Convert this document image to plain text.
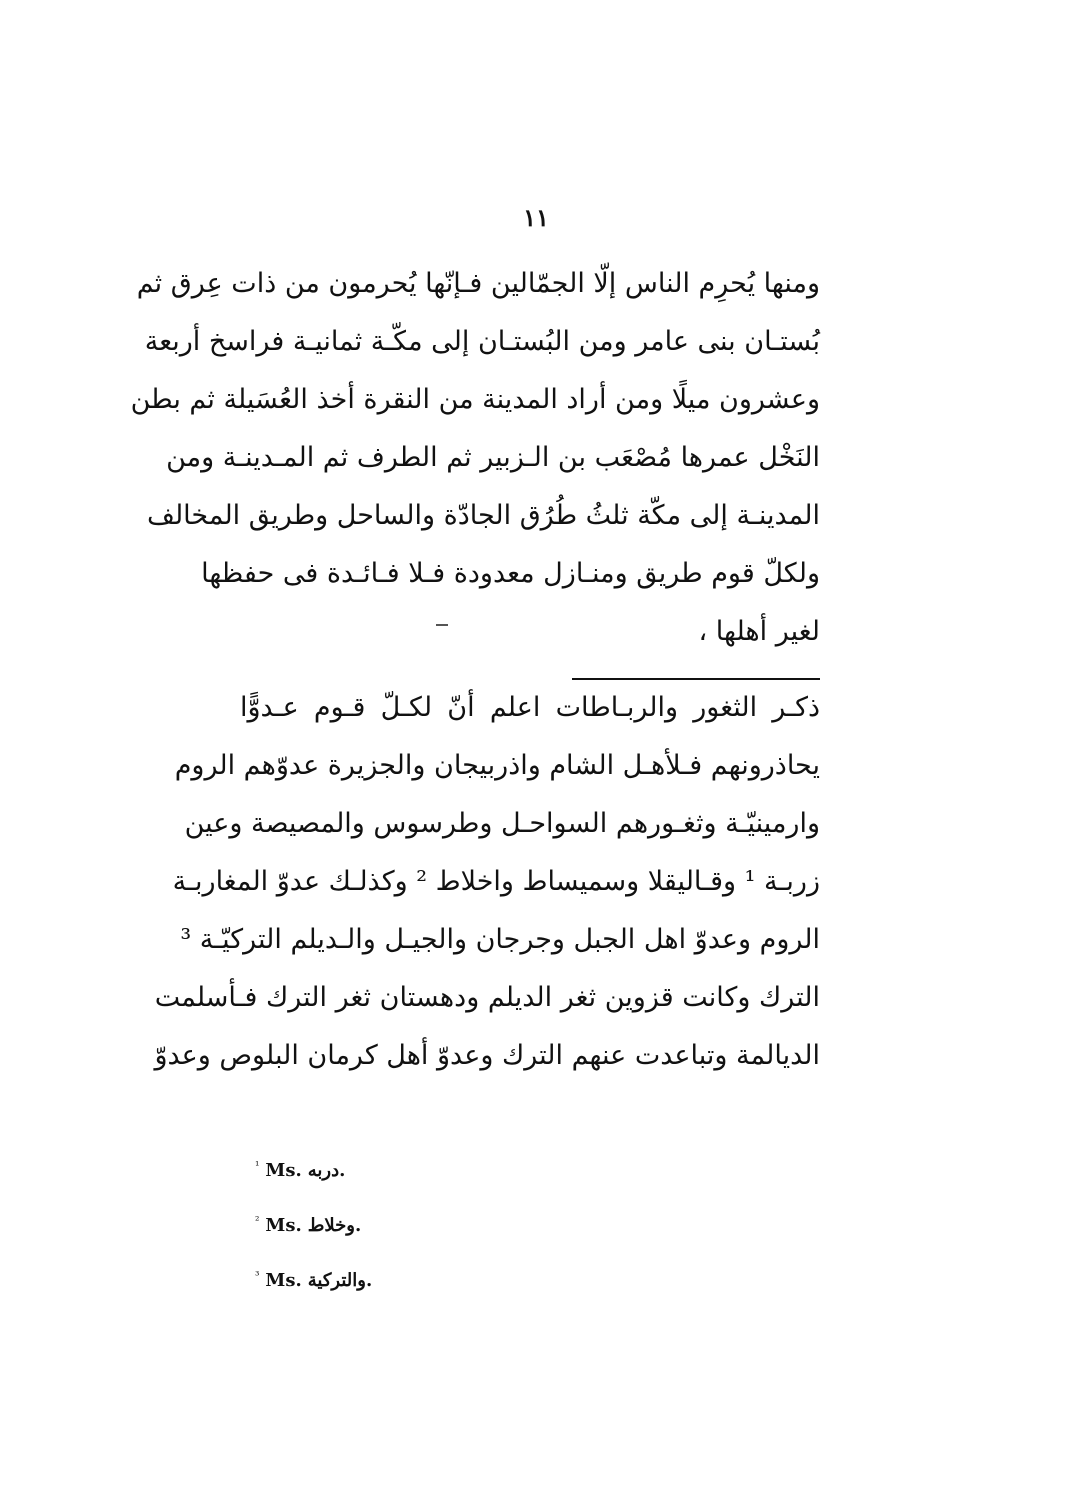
١١
ومنها يُحرِم الناس إلّا الجمّالين فـإنّها يُحرمون من ذات عِرق ثم
بُستـان بنى عامر ومن البُستـان إلى مكّـة ثمانيـة فراسخ أربعة
وعشرون ميلًا ومن أراد المدينة من النقرة أخذ العُسَيلة ثم بطن
النَخْل عمرها مُصْعَب بن الـزبير ثم الطرف ثم المـدينـة ومن
المدينـة إلى مكّة ثلثُ طُرُق الجادّة والساحل وطريق المخالف
ولكلّ قوم طريق ومنـازل معدودة فـلا فـائـدة فى حفظها
لغير أهلها ،
ذكـر الثغور والربـاطات اعلم أنّ لكـلّ قـوم عـدوًّا
يحاذرونهم فـلأهـل الشام واذربيجان والجزيرة عدوّهم الروم
وارمينيّـة وثغـورهم السواحـل وطرسوس والمصيصة وعين
زربـة ¹ وقـاليقلا وسميساط واخلاط ² وكذلـك عدوّ المغاربـة
الروم وعدوّ اهل الجبل وجرجان والجيـل والـديلم التركيّـة ³
الترك وكانت قزوين ثغر الديلم ودهستان ثغر الترك فـأسلمت
الديالمة وتباعدت عنهم الترك وعدوّ أهل كرمان البلوص وعدوّ
$^{^1}$ Ms. دربه.
$^{^2}$ Ms. وخلاط.
$^{^3}$ Ms. والتركية.
